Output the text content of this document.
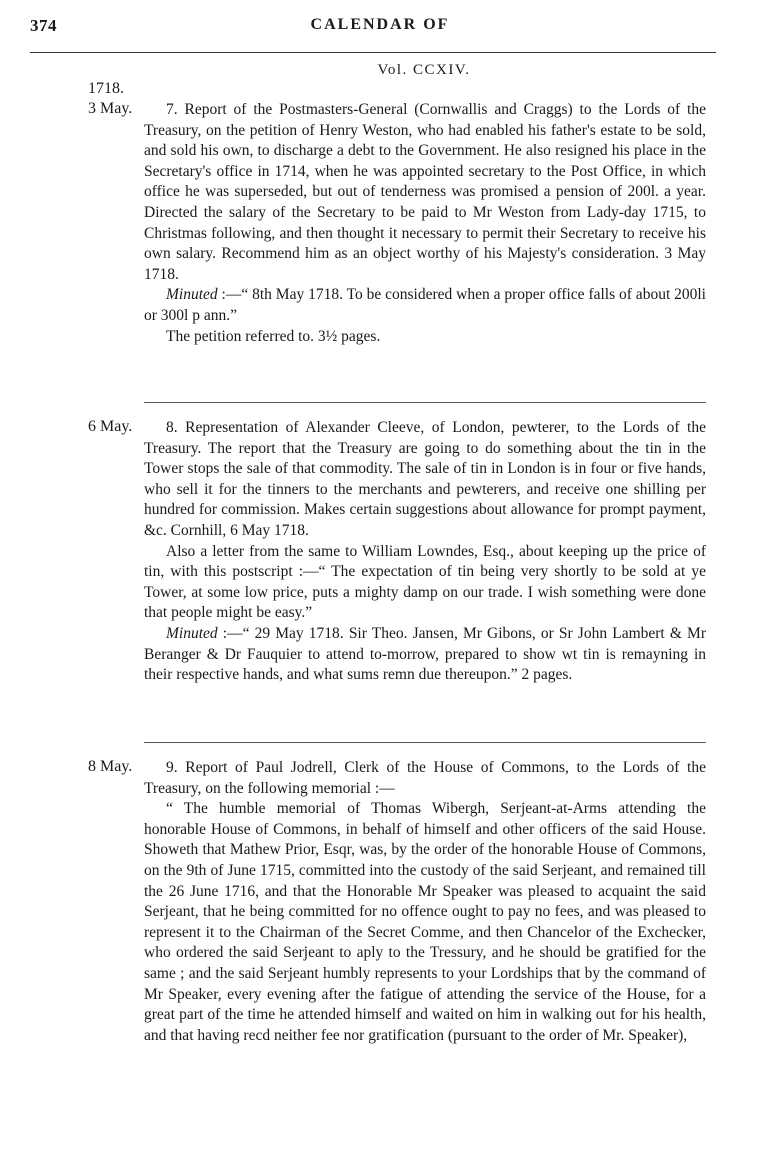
374	CALENDAR OF
Vol. CCXIV.
1718.
3 May.	7. Report of the Postmasters-General (Cornwallis and Craggs) to the Lords of the Treasury, on the petition of Henry Weston, who had enabled his father's estate to be sold, and sold his own, to discharge a debt to the Government. He also resigned his place in the Secretary's office in 1714, when he was appointed secretary to the Post Office, in which office he was superseded, but out of tenderness was promised a pension of 200l. a year. Directed the salary of the Secretary to be paid to Mr Weston from Lady-day 1715, to Christmas following, and then thought it necessary to permit their Secretary to receive his own salary. Recommend him as an object worthy of his Majesty's consideration. 3 May 1718.

Minuted :—“ 8th May 1718. To be considered when a proper office falls of about 200li or 300l p ann.”

The petition referred to. 3½ pages.

6 May.	8. Representation of Alexander Cleeve, of London, pewterer, to the Lords of the Treasury. The report that the Treasury are going to do something about the tin in the Tower stops the sale of that commodity. The sale of tin in London is in four or five hands, who sell it for the tinners to the merchants and pewterers, and receive one shilling per hundred for commission. Makes certain suggestions about allowance for prompt payment, &c. Cornhill, 6 May 1718.

Also a letter from the same to William Lowndes, Esq., about keeping up the price of tin, with this postscript :—“ The expectation of tin being very shortly to be sold at ye Tower, at some low price, puts a mighty damp on our trade. I wish something were done that people might be easy.”

Minuted :—“ 29 May 1718. Sir Theo. Jansen, Mr Gibons, or Sr John Lambert & Mr Beranger & Dr Fauquier to attend to-morrow, prepared to show wt tin is remayning in their respective hands, and what sums remn due thereupon.” 2 pages.

8 May.	9. Report of Paul Jodrell, Clerk of the House of Commons, to the Lords of the Treasury, on the following memorial :—

“ The humble memorial of Thomas Wibergh, Serjeant-at-Arms attending the honorable House of Commons, in behalf of himself and other officers of the said House. Showeth that Mathew Prior, Esqr, was, by the order of the honorable House of Commons, on the 9th of June 1715, committed into the custody of the said Serjeant, and remained till the 26 June 1716, and that the Honorable Mr Speaker was pleased to acquaint the said Serjeant, that he being committed for no offence ought to pay no fees, and was pleased to represent it to the Chairman of the Secret Comme, and then Chancelor of the Exchecker, who ordered the said Serjeant to aply to the Tressury, and he should be gratified for the same ; and the said Serjeant humbly represents to your Lordships that by the command of Mr Speaker, every evening after the fatigue of attending the service of the House, for a great part of the time he attended himself and waited on him in walking out for his health, and that having recd neither fee nor gratification (pursuant to the order of Mr. Speaker),
